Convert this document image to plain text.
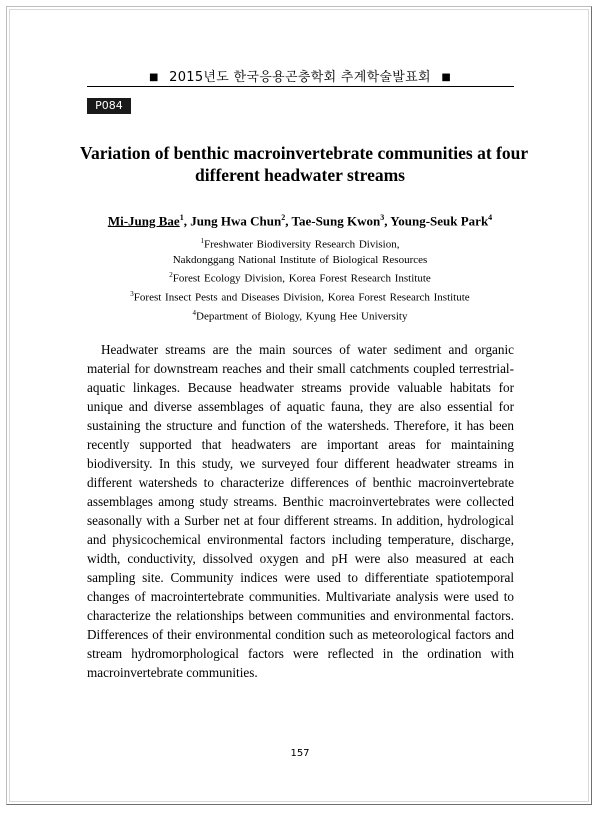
■ 2015년도 한국응용곤충학회 추계학술발표회 ■
P084
Variation of benthic macroinvertebrate communities at four
different headwater streams
Mi-Jung Bae$^1$, Jung Hwa Chun$^2$, Tae-Sung Kwon$^3$, Young-Seuk Park$^4$
$^1$Freshwater Biodiversity Research Division,
Nakdonggang National Institute of Biological Resources
$^2$Forest Ecology Division, Korea Forest Research Institute
$^3$Forest Insect Pests and Diseases Division, Korea Forest Research Institute
$^4$Department of Biology, Kyung Hee University

Headwater streams are the main sources of water sediment and organic material for downstream reaches and their small catchments coupled terrestrial-aquatic linkages. Because headwater streams provide valuable habitats for unique and diverse assemblages of aquatic fauna, they are also essential for sustaining the structure and function of the watersheds. Therefore, it has been recently supported that headwaters are important areas for maintaining biodiversity. In this study, we surveyed four different headwater streams in different watersheds to characterize differences of benthic macroinvertebrate assemblages among study streams. Benthic macroinvertebrates were collected seasonally with a Surber net at four different streams. In addition, hydrological and physicochemical environmental factors including temperature, discharge, width, conductivity, dissolved oxygen and pH were also measured at each sampling site. Community indices were used to differentiate spatiotemporal changes of macrointertebrate communities. Multivariate analysis were used to characterize the relationships between communities and environmental factors. Differences of their environmental condition such as meteorological factors and stream hydromorphological factors were reflected in the ordination with macroinvertebrate communities.

157
